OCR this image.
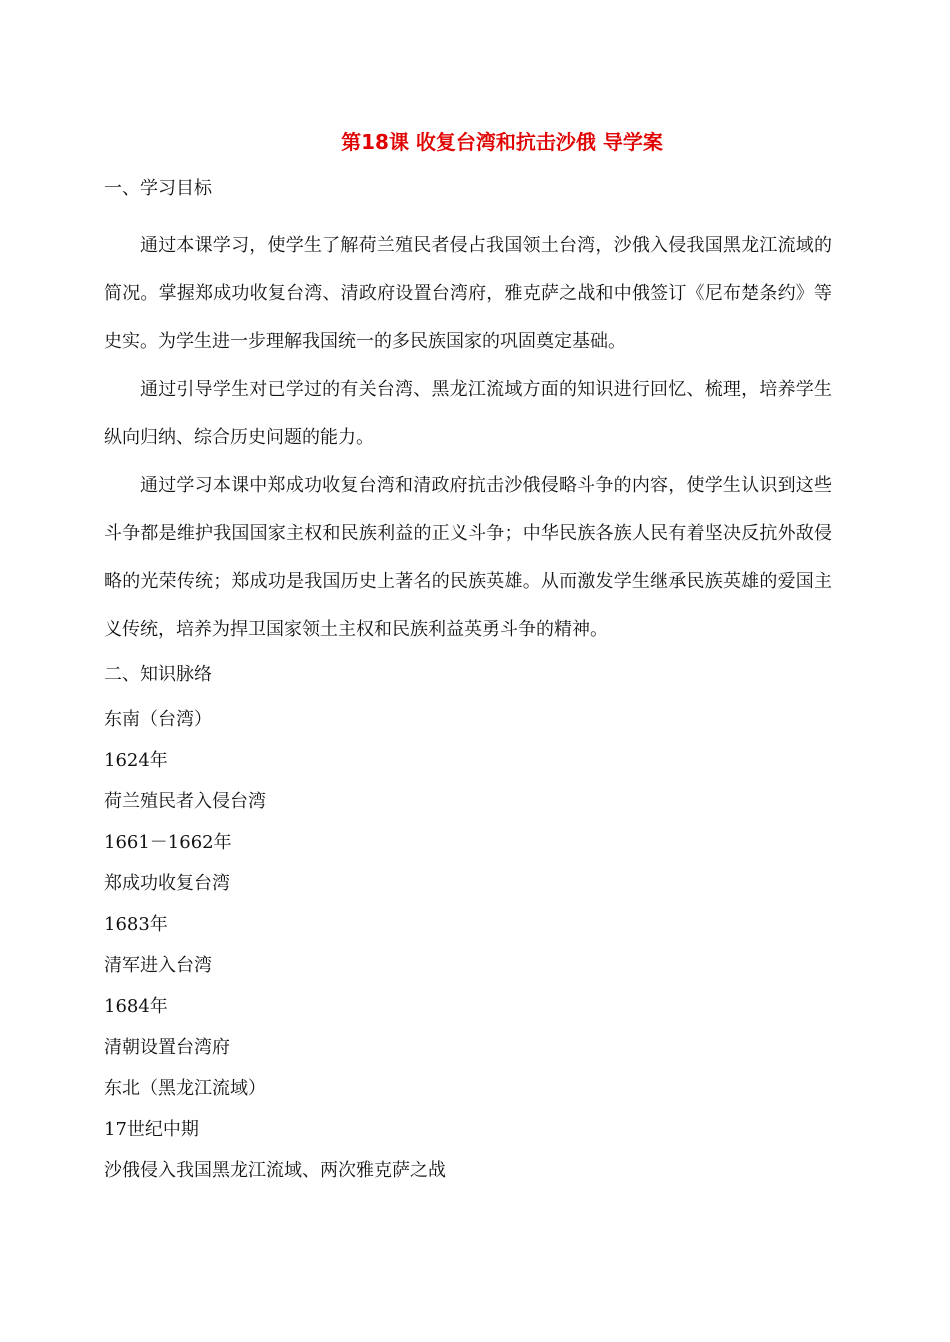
第18课 收复台湾和抗击沙俄 导学案

一、学习目标

通过本课学习，使学生了解荷兰殖民者侵占我国领土台湾，沙俄入侵我国黑龙江流域的简况。掌握郑成功收复台湾、清政府设置台湾府，雅克萨之战和中俄签订《尼布楚条约》等史实。为学生进一步理解我国统一的多民族国家的巩固奠定基础。

通过引导学生对已学过的有关台湾、黑龙江流域方面的知识进行回忆、梳理，培养学生纵向归纳、综合历史问题的能力。

通过学习本课中郑成功收复台湾和清政府抗击沙俄侵略斗争的内容，使学生认识到这些斗争都是维护我国国家主权和民族利益的正义斗争；中华民族各族人民有着坚决反抗外敌侵略的光荣传统；郑成功是我国历史上著名的民族英雄。从而激发学生继承民族英雄的爱国主义传统，培养为捍卫国家领土主权和民族利益英勇斗争的精神。

二、知识脉络

东南（台湾）

1624年

荷兰殖民者入侵台湾

1661－1662年

郑成功收复台湾

1683年

清军进入台湾

1684年

清朝设置台湾府

东北（黑龙江流域）

17世纪中期

沙俄侵入我国黑龙江流域、两次雅克萨之战
